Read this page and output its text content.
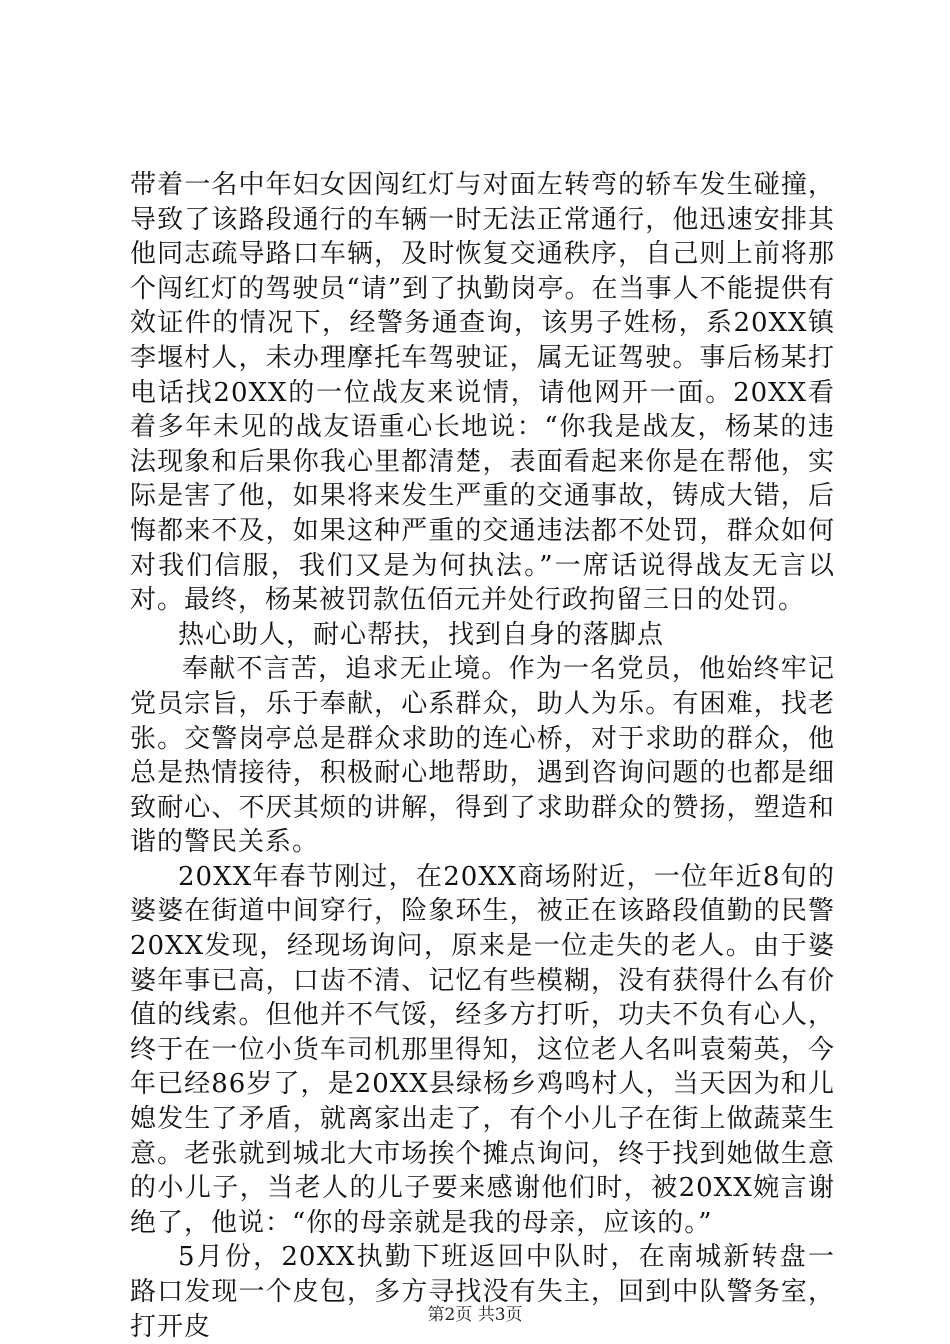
带着一名中年妇女因闯红灯与对面左转弯的轿车发生碰撞，导致了该路段通行的车辆一时无法正常通行，他迅速安排其他同志疏导路口车辆，及时恢复交通秩序，自己则上前将那个闯红灯的驾驶员“请”到了执勤岗亭。在当事人不能提供有效证件的情况下，经警务通查询，该男子姓杨，系20XX镇李堰村人，未办理摩托车驾驶证，属无证驾驶。事后杨某打电话找20XX的一位战友来说情，请他网开一面。20XX看着多年未见的战友语重心长地说：“你我是战友，杨某的违法现象和后果你我心里都清楚，表面看起来你是在帮他，实际是害了他，如果将来发生严重的交通事故，铸成大错，后悔都来不及，如果这种严重的交通违法都不处罚，群众如何对我们信服，我们又是为何执法。”一席话说得战友无言以对。最终，杨某被罚款伍佰元并处行政拘留三日的处罚。

热心助人，耐心帮扶，找到自身的落脚点

奉献不言苦，追求无止境。作为一名党员，他始终牢记党员宗旨，乐于奉献，心系群众，助人为乐。有困难，找老张。交警岗亭总是群众求助的连心桥，对于求助的群众，他总是热情接待，积极耐心地帮助，遇到咨询问题的也都是细致耐心、不厌其烦的讲解，得到了求助群众的赞扬，塑造和谐的警民关系。

20XX年春节刚过，在20XX商场附近，一位年近8旬的婆婆在街道中间穿行，险象环生，被正在该路段值勤的民警20XX发现，经现场询问，原来是一位走失的老人。由于婆婆年事已高，口齿不清、记忆有些模糊，没有获得什么有价值的线索。但他并不气馁，经多方打听，功夫不负有心人，终于在一位小货车司机那里得知，这位老人名叫袁菊英，今年已经86岁了，是20XX县绿杨乡鸡鸣村人，当天因为和儿媳发生了矛盾，就离家出走了，有个小儿子在街上做蔬菜生意。老张就到城北大市场挨个摊点询问，终于找到她做生意的小儿子，当老人的儿子要来感谢他们时，被20XX婉言谢绝了，他说：“你的母亲就是我的母亲，应该的。”

5月份，20XX执勤下班返回中队时，在南城新转盘一路口发现一个皮包，多方寻找没有失主，回到中队警务室，打开皮	第2页 共3页
